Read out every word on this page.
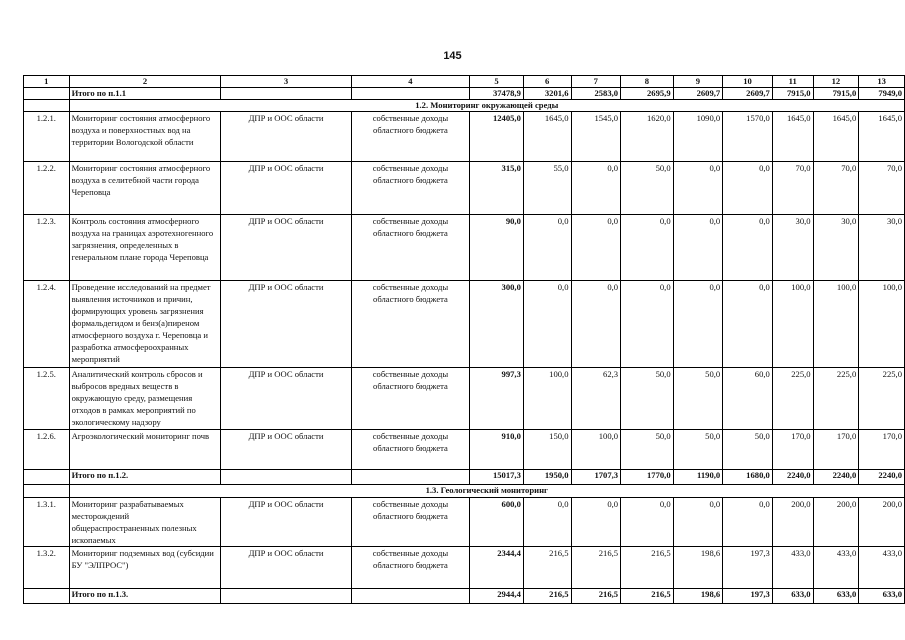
145
1	2	3	4	5	6	7	8	9	10	11	12	13
	Итого по п.1.1			37478,9	3201,6	2583,0	2695,9	2609,7	2609,7	7915,0	7915,0	7949,0
	1.2. Мониторинг окружающей среды											
1.2.1.	Мониторинг состояния атмосферного воздуха и поверхностных вод на территории Вологодской области	ДПР и ООС области	собственные доходы областного бюджета	12405,0	1645,0	1545,0	1620,0	1090,0	1570,0	1645,0	1645,0	1645,0
1.2.2.	Мониторинг состояния атмосферного воздуха в селитебной части города Череповца	ДПР и ООС области	собственные доходы областного бюджета	315,0	55,0	0,0	50,0	0,0	0,0	70,0	70,0	70,0
1.2.3.	Контроль состояния атмосферного воздуха на границах аэротехногенного загрязнения, определенных в генеральном плане города Череповца	ДПР и ООС области	собственные доходы областного бюджета	90,0	0,0	0,0	0,0	0,0	0,0	30,0	30,0	30,0
1.2.4.	Проведение исследований на предмет выявления источников и причин, формирующих уровень загрязнения формальдегидом и бенз(а)пиреном атмосферного воздуха г. Череповца и разработка атмосфероохранных мероприятий	ДПР и ООС области	собственные доходы областного бюджета	300,0	0,0	0,0	0,0	0,0	0,0	100,0	100,0	100,0
1.2.5.	Аналитический контроль сбросов и выбросов вредных веществ в окружающую среду, размещения отходов в рамках мероприятий по экологическому надзору	ДПР и ООС области	собственные доходы областного бюджета	997,3	100,0	62,3	50,0	50,0	60,0	225,0	225,0	225,0
1.2.6.	Агроэкологический мониторинг почв	ДПР и ООС области	собственные доходы областного бюджета	910,0	150,0	100,0	50,0	50,0	50,0	170,0	170,0	170,0
	Итого по п.1.2.			15017,3	1950,0	1707,3	1770,0	1190,0	1680,0	2240,0	2240,0	2240,0
	1.3. Геологический мониторинг											
1.3.1.	Мониторинг разрабатываемых месторождений общераспространенных полезных ископаемых	ДПР и ООС области	собственные доходы областного бюджета	600,0	0,0	0,0	0,0	0,0	0,0	200,0	200,0	200,0
1.3.2.	Мониторинг подземных вод (субсидии БУ "ЭЛПРОС")	ДПР и ООС области	собственные доходы областного бюджета	2344,4	216,5	216,5	216,5	198,6	197,3	433,0	433,0	433,0
	Итого по п.1.3.			2944,4	216,5	216,5	216,5	198,6	197,3	633,0	633,0	633,0
